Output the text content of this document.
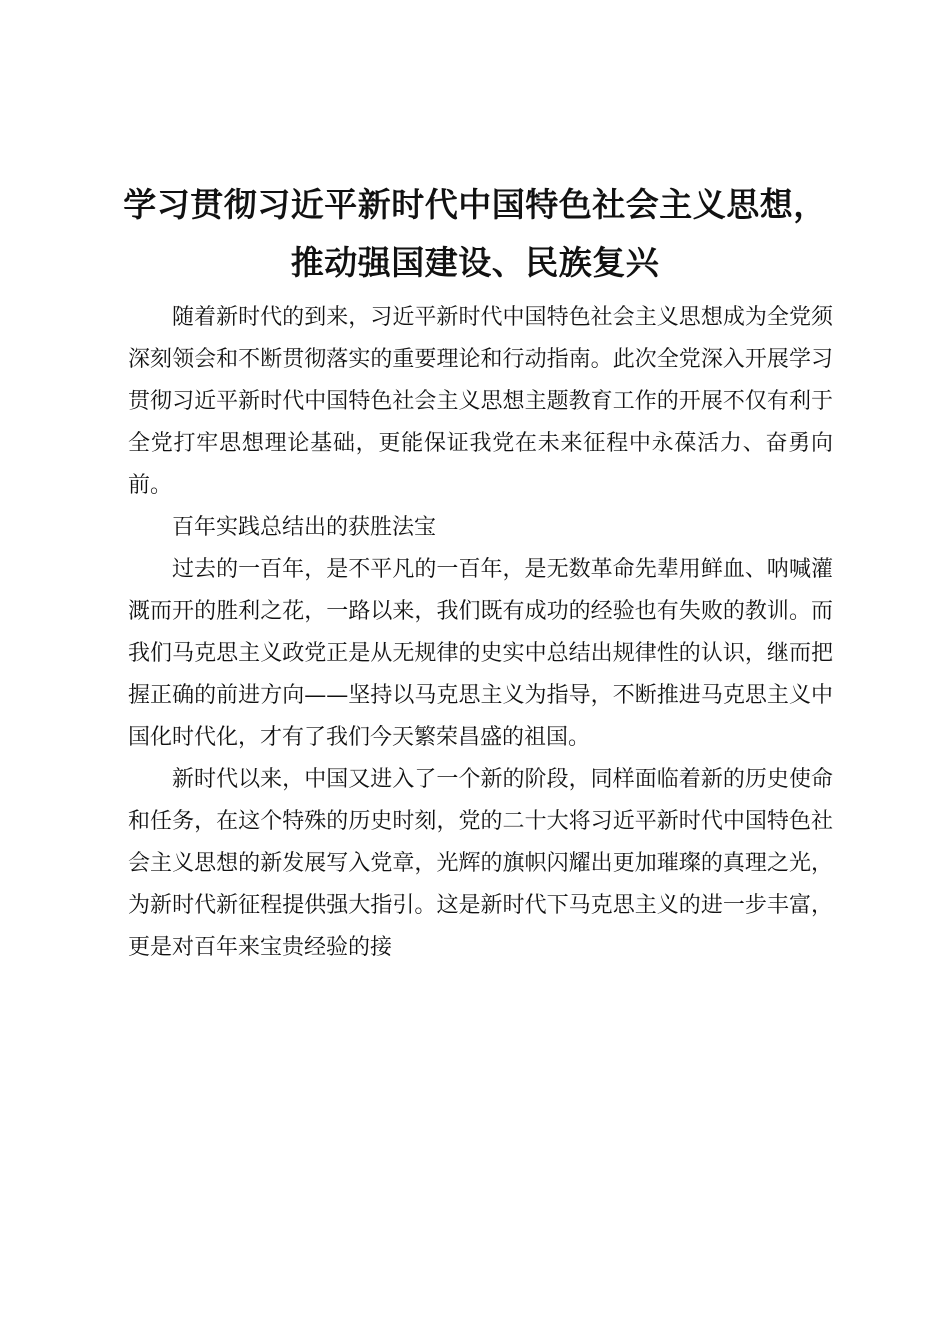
学习贯彻习近平新时代中国特色社会主义思想，
推动强国建设、民族复兴

随着新时代的到来，习近平新时代中国特色社会主义思想成为全党须深刻领会和不断贯彻落实的重要理论和行动指南。此次全党深入开展学习贯彻习近平新时代中国特色社会主义思想主题教育工作的开展不仅有利于全党打牢思想理论基础，更能保证我党在未来征程中永葆活力、奋勇向前。

百年实践总结出的获胜法宝

过去的一百年，是不平凡的一百年，是无数革命先辈用鲜血、呐喊灌溉而开的胜利之花，一路以来，我们既有成功的经验也有失败的教训。而我们马克思主义政党正是从无规律的史实中总结出规律性的认识，继而把握正确的前进方向——坚持以马克思主义为指导，不断推进马克思主义中国化时代化，才有了我们今天繁荣昌盛的祖国。

新时代以来，中国又进入了一个新的阶段，同样面临着新的历史使命和任务，在这个特殊的历史时刻，党的二十大将习近平新时代中国特色社会主义思想的新发展写入党章，光辉的旗帜闪耀出更加璀璨的真理之光，为新时代新征程提供强大指引。这是新时代下马克思主义的进一步丰富，更是对百年来宝贵经验的接
